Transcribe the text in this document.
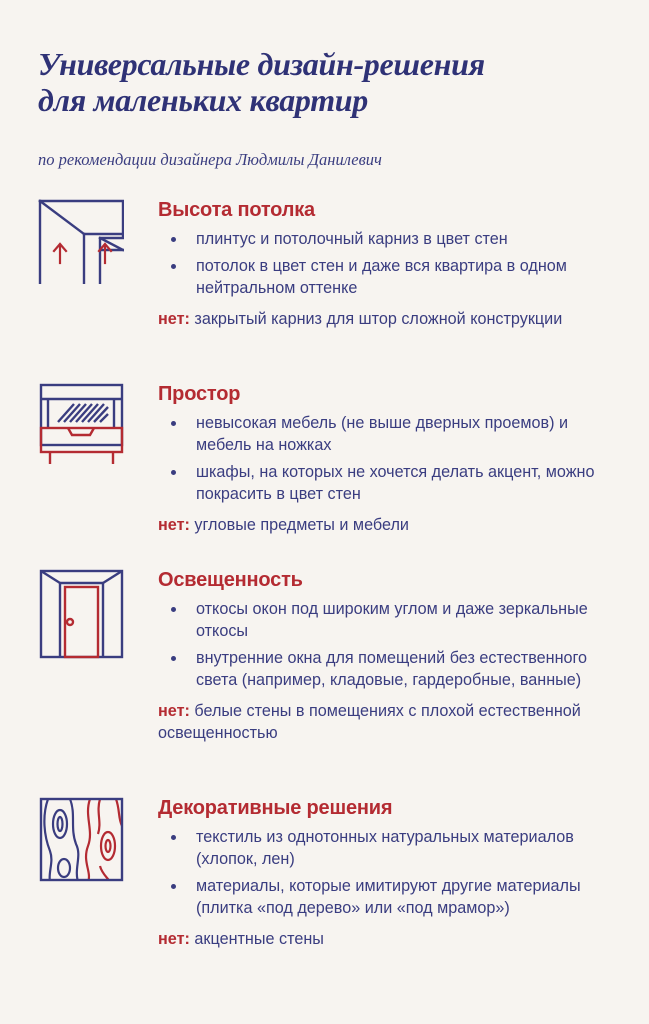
Универсальные дизайн-решения
для маленьких квартир

по рекомендации дизайнера Людмилы Данилевич

Высота потолка
плинтус и потолочный карниз в цвет стен
потолок в цвет стен и даже вся квартира в одном нейтральном оттенке

нет: закрытый карниз для штор сложной конструкции

Простор
невысокая мебель (не выше дверных проемов) и мебель на ножках
шкафы, на которых не хочется делать акцент, можно покрасить в цвет стен

нет: угловые предметы и мебели

Освещенность
откосы окон под широким углом и даже зеркальные откосы
внутренние окна для помещений без естественного света (например, кладовые, гардеробные, ванные)

нет: белые стены в помещениях с плохой естественной освещенностью

Декоративные решения
текстиль из однотонных натуральных материалов (хлопок, лен)
материалы, которые имитируют другие материалы (плитка «под дерево» или «под мрамор»)

нет: акцентные стены
